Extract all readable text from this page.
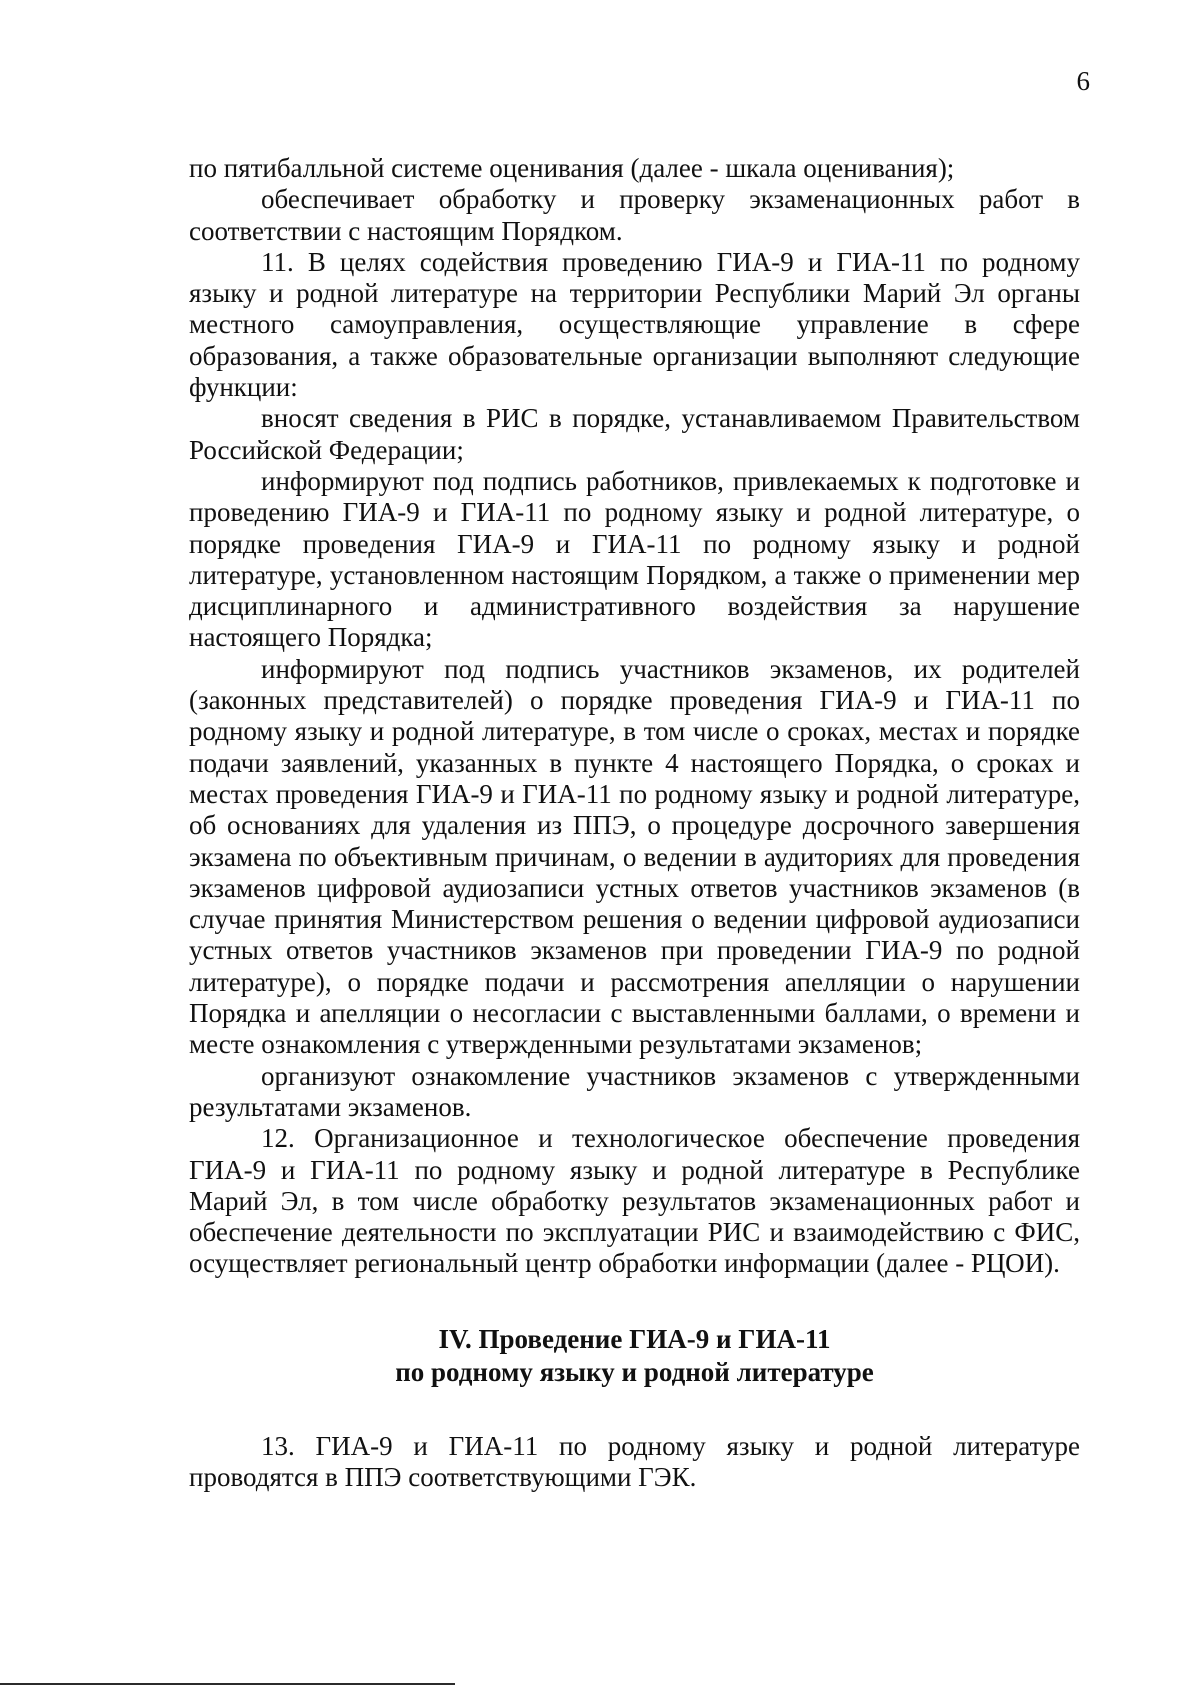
6

по пятибалльной системе оценивания (далее - шкала оценивания);

обеспечивает обработку и проверку экзаменационных работ в соответствии с настоящим Порядком.

11. В целях содействия проведению ГИА-9 и ГИА-11 по родному языку и родной литературе на территории Республики Марий Эл органы местного самоуправления, осуществляющие управление в сфере образования, а также образовательные организации выполняют следующие функции:

вносят сведения в РИС в порядке, устанавливаемом Правительством Российской Федерации;

информируют под подпись работников, привлекаемых к подготовке и проведению ГИА-9 и ГИА-11 по родному языку и родной литературе, о порядке проведения ГИА-9 и ГИА-11 по родному языку и родной литературе, установленном настоящим Порядком, а также о применении мер дисциплинарного и административного воздействия за нарушение настоящего Порядка;

информируют под подпись участников экзаменов, их родителей (законных представителей) о порядке проведения ГИА-9 и ГИА-11 по родному языку и родной литературе, в том числе о сроках, местах и порядке подачи заявлений, указанных в пункте 4 настоящего Порядка, о сроках и местах проведения ГИА-9 и ГИА-11 по родному языку и родной литературе, об основаниях для удаления из ППЭ, о процедуре досрочного завершения экзамена по объективным причинам, о ведении в аудиториях для проведения экзаменов цифровой аудиозаписи устных ответов участников экзаменов (в случае принятия Министерством решения о ведении цифровой аудиозаписи устных ответов участников экзаменов при проведении ГИА-9 по родной литературе), о порядке подачи и рассмотрения апелляции о нарушении Порядка и апелляции о несогласии с выставленными баллами, о времени и месте ознакомления с утвержденными результатами экзаменов;

организуют ознакомление участников экзаменов с утвержденными результатами экзаменов.

12. Организационное и технологическое обеспечение проведения ГИА-9 и ГИА-11 по родному языку и родной литературе в Республике Марий Эл, в том числе обработку результатов экзаменационных работ и обеспечение деятельности по эксплуатации РИС и взаимодействию с ФИС, осуществляет региональный центр обработки информации (далее - РЦОИ).

IV. Проведение ГИА-9 и ГИА-11
по родному языку и родной литературе

13. ГИА-9 и ГИА-11 по родному языку и родной литературе проводятся в ППЭ соответствующими ГЭК.
